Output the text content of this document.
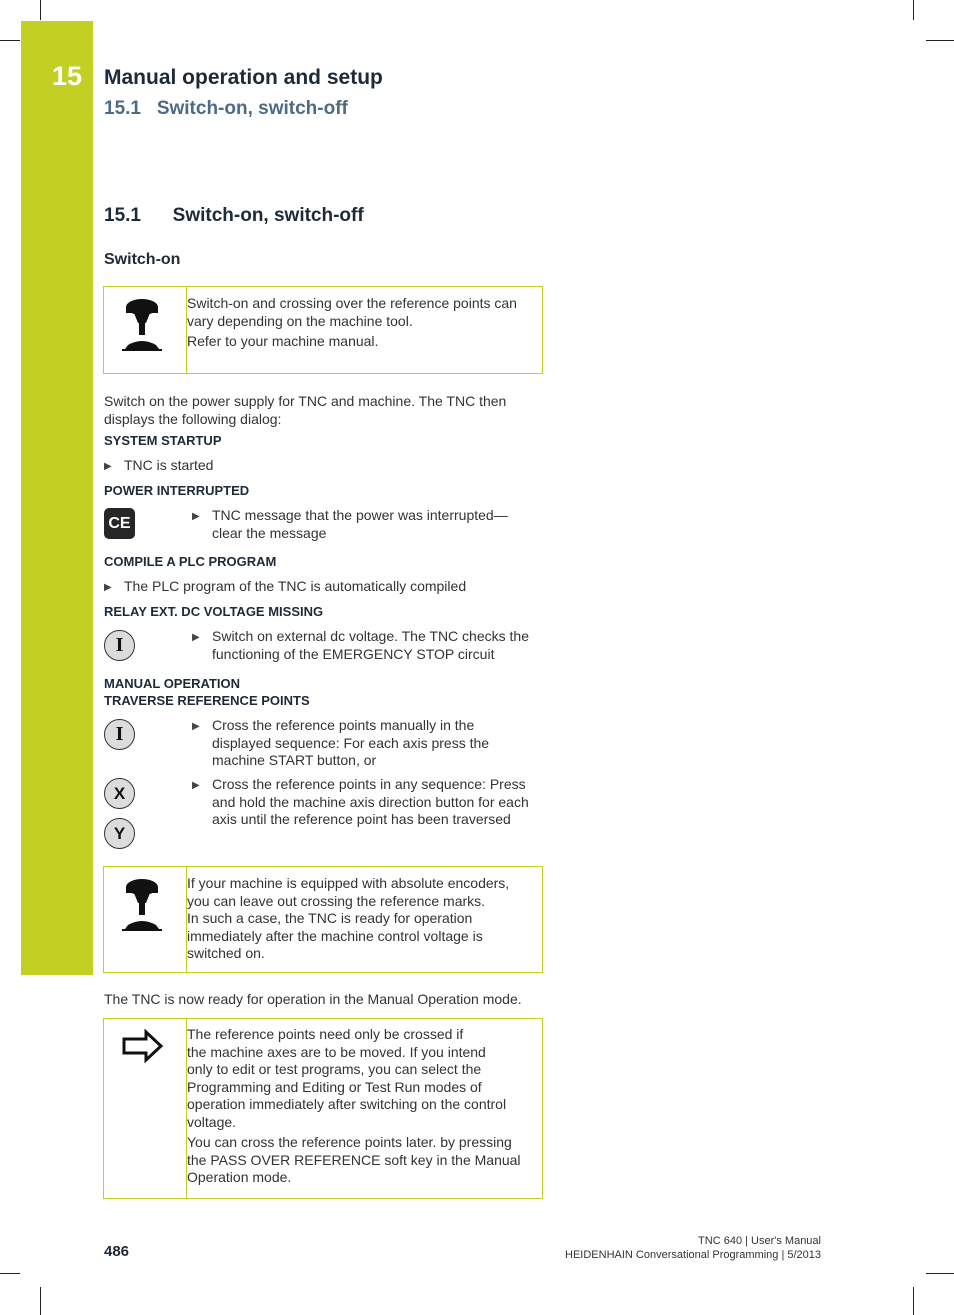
15 Manual operation and setup
15.1   Switch-on, switch-off
15.1      Switch-on, switch-off
Switch-on
Switch-on and crossing over the reference points can
vary depending on the machine tool.
Refer to your machine manual.
Switch on the power supply for TNC and machine. The TNC then
displays the following dialog:
SYSTEM STARTUP
▶ TNC is started
POWER INTERRUPTED
CE	▶ TNC message that the power was interrupted—
clear the message
COMPILE A PLC PROGRAM
▶ The PLC program of the TNC is automatically compiled
RELAY EXT. DC VOLTAGE MISSING
I	▶ Switch on external dc voltage. The TNC checks the
functioning of the EMERGENCY STOP circuit
MANUAL OPERATION
TRAVERSE REFERENCE POINTS
I	▶ Cross the reference points manually in the
displayed sequence: For each axis press the
machine START button, or
X
Y
▶ Cross the reference points in any sequence: Press
and hold the machine axis direction button for each
axis until the reference point has been traversed
If your machine is equipped with absolute encoders,
you can leave out crossing the reference marks.
In such a case, the TNC is ready for operation
immediately after the machine control voltage is
switched on.
The TNC is now ready for operation in the Manual Operation mode.
The reference points need only be crossed if
the machine axes are to be moved. If you intend
only to edit or test programs, you can select the
Programming and Editing or Test Run modes of
operation immediately after switching on the control
voltage.
You can cross the reference points later. by pressing
the PASS OVER REFERENCE soft key in the Manual
Operation mode.
486
TNC 640 | User's Manual
HEIDENHAIN Conversational Programming | 5/2013
